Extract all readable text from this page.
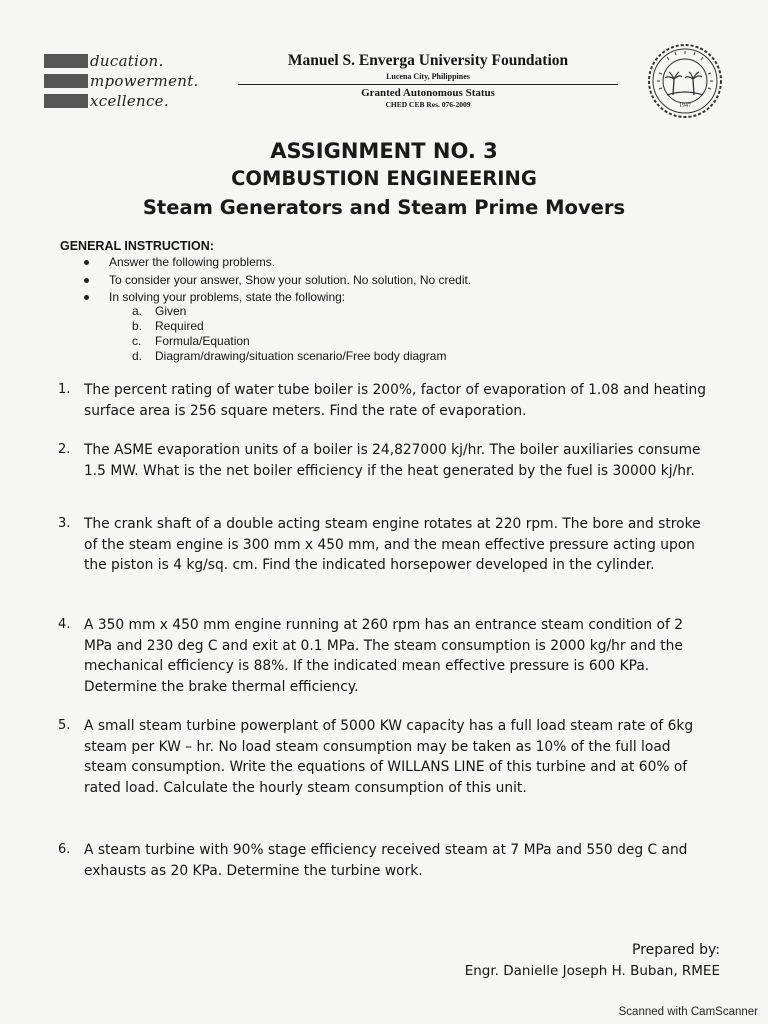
ducation.
mpowerment.
xcellence.
Manuel S. Enverga University Foundation
Lucena City, Philippines
Granted Autonomous Status
CHED CEB Res. 076-2009	1947
ASSIGNMENT NO. 3
COMBUSTION ENGINEERING
Steam Generators and Steam Prime Movers
GENERAL INSTRUCTION:
Answer the following problems.
To consider your answer, Show your solution. No solution, No credit.
In solving your problems, state the following:
a. Given
b. Required
c. Formula/Equation
d. Diagram/drawing/situation scenario/Free body diagram
1. The percent rating of water tube boiler is 200%, factor of evaporation of 1.08 and heating surface area is 256 square meters. Find the rate of evaporation.
2. The ASME evaporation units of a boiler is 24,827000 kj/hr. The boiler auxiliaries consume 1.5 MW. What is the net boiler efficiency if the heat generated by the fuel is 30000 kj/hr.
3. The crank shaft of a double acting steam engine rotates at 220 rpm. The bore and stroke of the steam engine is 300 mm x 450 mm, and the mean effective pressure acting upon the piston is 4 kg/sq. cm. Find the indicated horsepower developed in the cylinder.
4. A 350 mm x 450 mm engine running at 260 rpm has an entrance steam condition of 2 MPa and 230 deg C and exit at 0.1 MPa. The steam consumption is 2000 kg/hr and the mechanical efficiency is 88%. If the indicated mean effective pressure is 600 KPa. Determine the brake thermal efficiency.
5. A small steam turbine powerplant of 5000 KW capacity has a full load steam rate of 6kg steam per KW – hr. No load steam consumption may be taken as 10% of the full load steam consumption. Write the equations of WILLANS LINE of this turbine and at 60% of rated load. Calculate the hourly steam consumption of this unit.
6. A steam turbine with 90% stage efficiency received steam at 7 MPa and 550 deg C and exhausts as 20 KPa. Determine the turbine work.
Prepared by:
Engr. Danielle Joseph H. Buban, RMEE
Scanned with CamScanner
